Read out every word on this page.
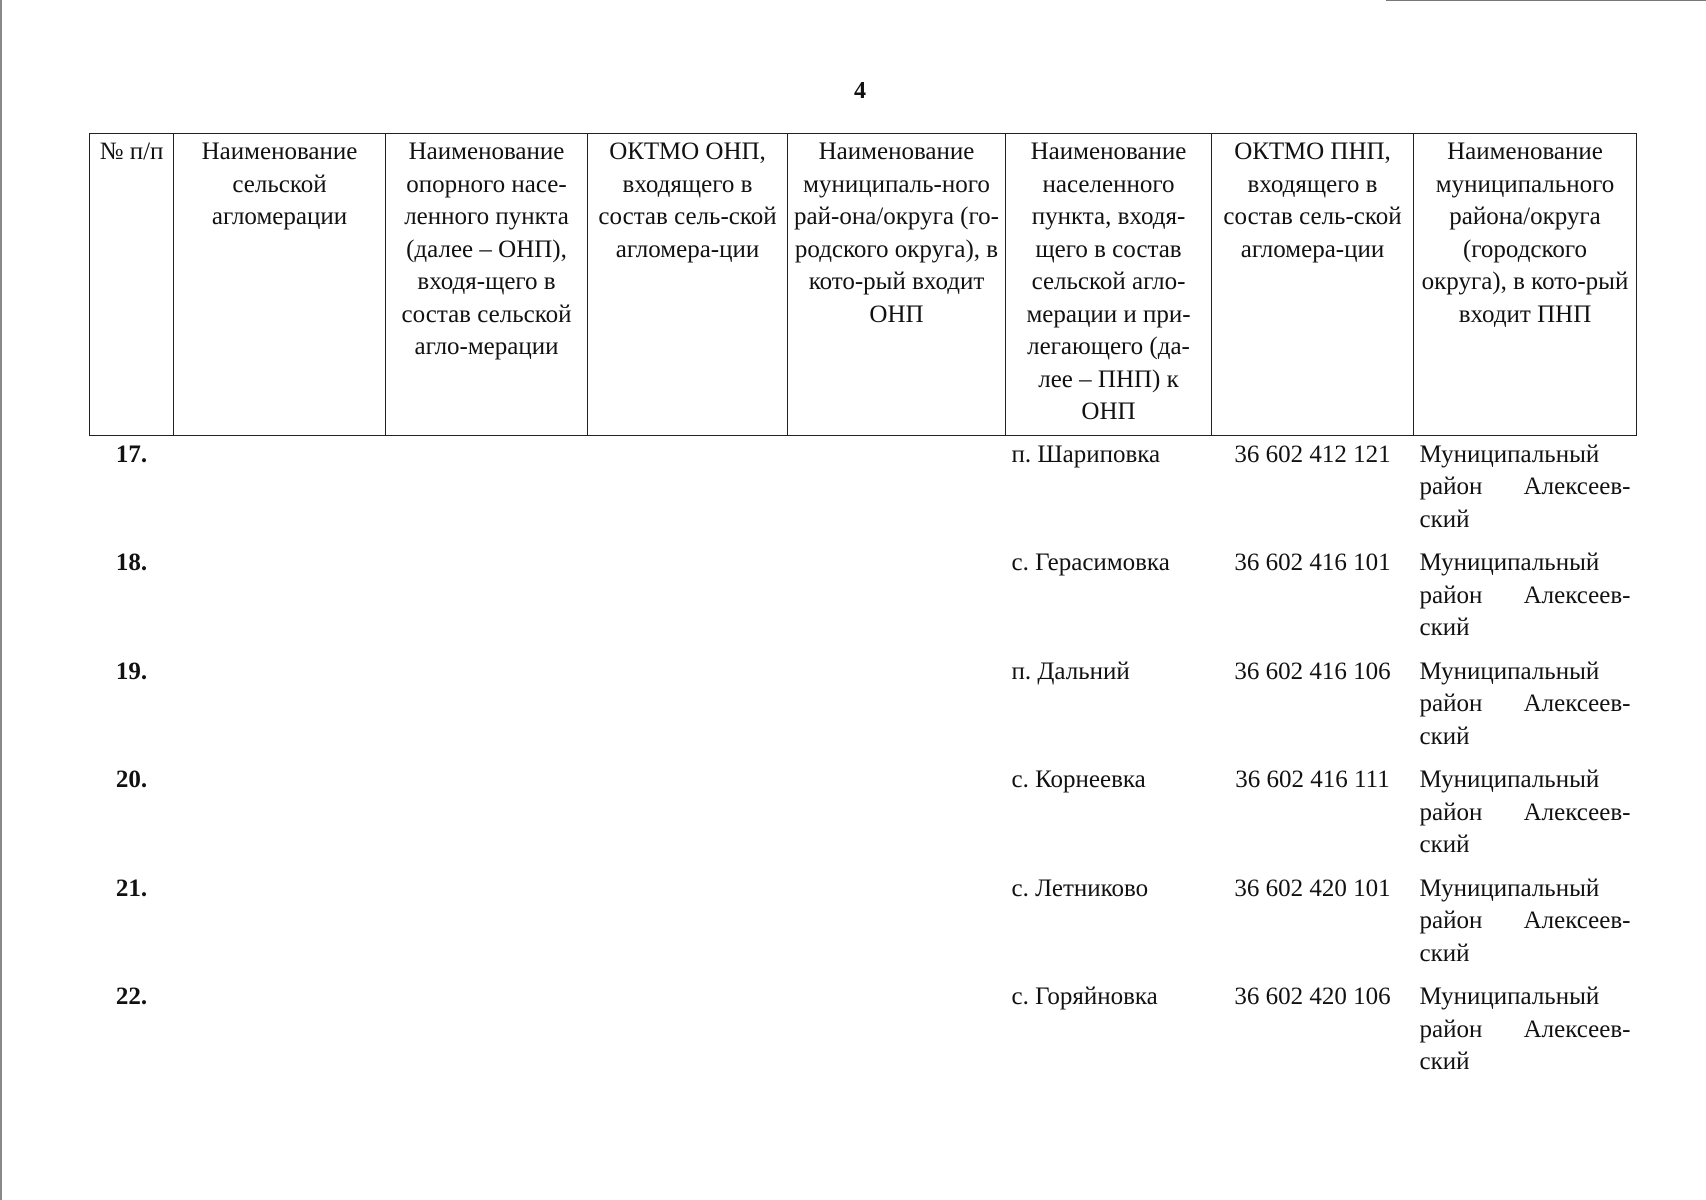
4
№ п/п	Наименование сельской агломерации	Наименование опорного насе-ленного пункта (далее – ОНП), входя-щего в состав сельской агло-мерации	ОКТМО ОНП, входящего в состав сель-ской агломера-ции	Наименование муниципаль-ного рай-она/округа (го-родского округа), в кото-рый входит ОНП	Наименование населенного пункта, входя-щего в состав сельской агло-мерации и при-легающего (да-лее – ПНП) к ОНП	ОКТМО ПНП, входящего в состав сель-ской агломера-ции	Наименование муниципального района/округа (городского округа), в кото-рый входит ПНП
17.					п. Шариповка	36 602 412 121	Муниципальный район Алексеев-ский
18.					с. Герасимовка	36 602 416 101	Муниципальный район Алексеев-ский
19.					п. Дальний	36 602 416 106	Муниципальный район Алексеев-ский
20.					с. Корнеевка	36 602 416 111	Муниципальный район Алексеев-ский
21.					с. Летниково	36 602 420 101	Муниципальный район Алексеев-ский
22.					с. Горяйновка	36 602 420 106	Муниципальный район Алексеев-ский
